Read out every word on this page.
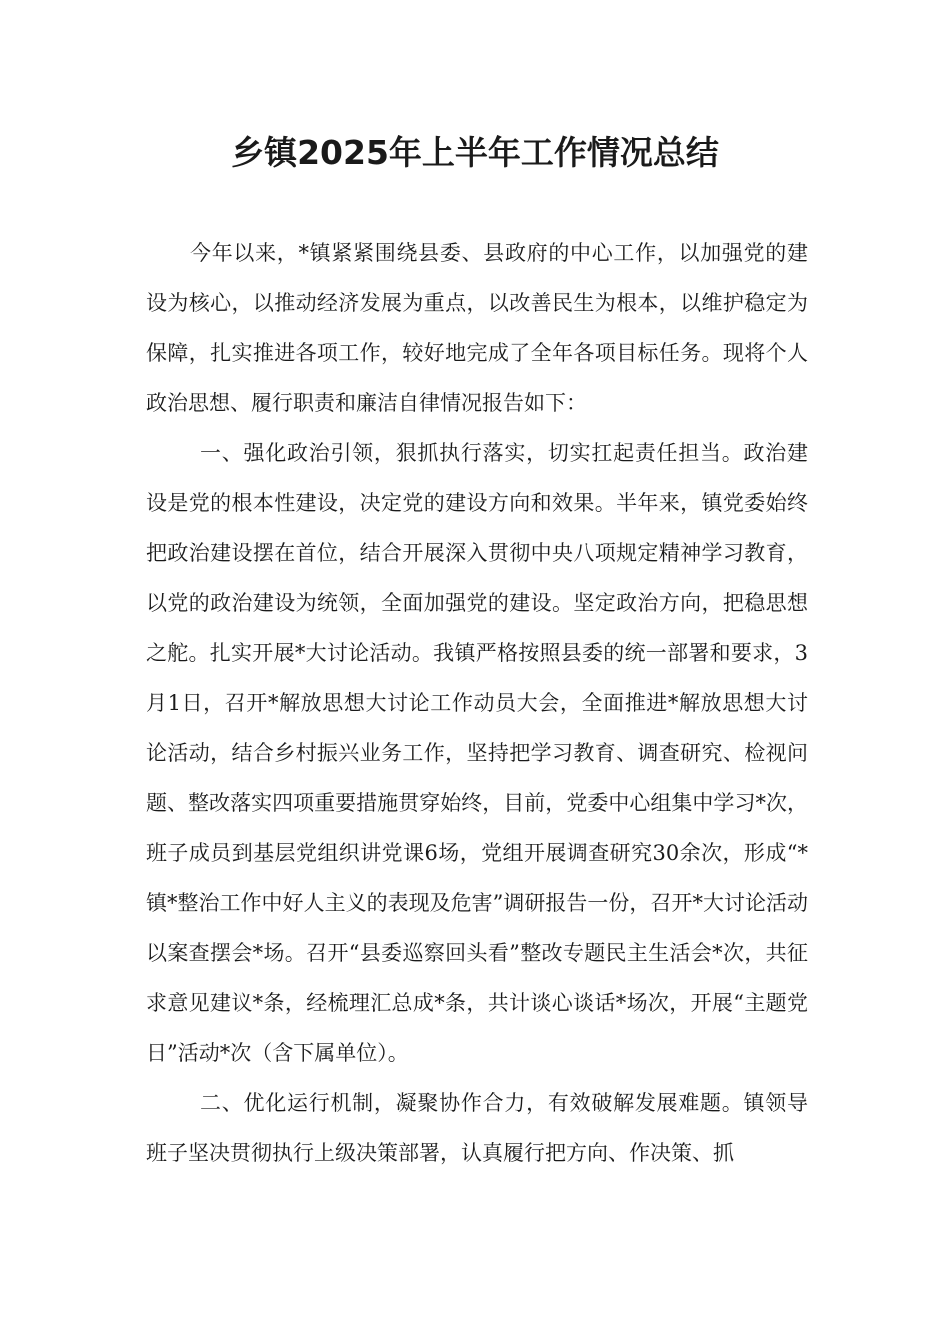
乡镇2025年上半年工作情况总结

今年以来，*镇紧紧围绕县委、县政府的中心工作，以加强党的建设为核心，以推动经济发展为重点，以改善民生为根本，以维护稳定为保障，扎实推进各项工作，较好地完成了全年各项目标任务。现将个人政治思想、履行职责和廉洁自律情况报告如下：

一、强化政治引领，狠抓执行落实，切实扛起责任担当。政治建设是党的根本性建设，决定党的建设方向和效果。半年来，镇党委始终把政治建设摆在首位，结合开展深入贯彻中央八项规定精神学习教育，以党的政治建设为统领，全面加强党的建设。坚定政治方向，把稳思想之舵。扎实开展*大讨论活动。我镇严格按照县委的统一部署和要求，3月1日，召开*解放思想大讨论工作动员大会，全面推进*解放思想大讨论活动，结合乡村振兴业务工作，坚持把学习教育、调查研究、检视问题、整改落实四项重要措施贯穿始终，目前，党委中心组集中学习*次，班子成员到基层党组织讲党课6场，党组开展调查研究30余次，形成“*镇*整治工作中好人主义的表现及危害”调研报告一份，召开*大讨论活动以案查摆会*场。召开“县委巡察回头看”整改专题民主生活会*次，共征求意见建议*条，经梳理汇总成*条，共计谈心谈话*场次，开展“主题党日”活动*次（含下属单位）。

二、优化运行机制，凝聚协作合力，有效破解发展难题。镇领导班子坚决贯彻执行上级决策部署，认真履行把方向、作决策、抓
